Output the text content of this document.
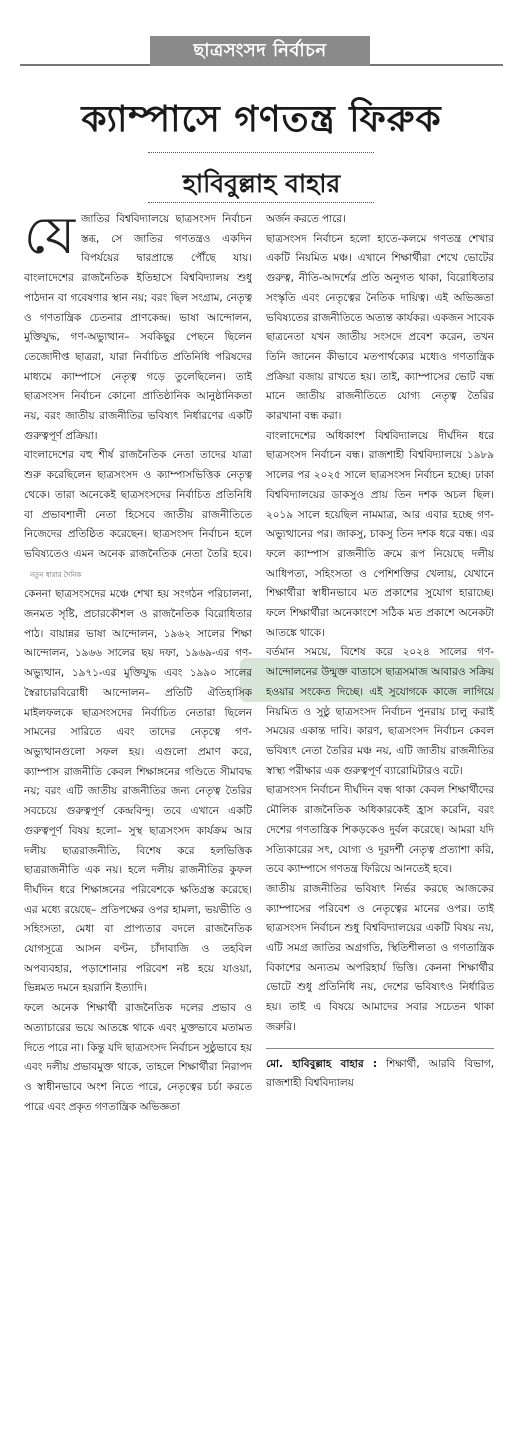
ছাত্রসংসদ নির্বাচন
ক্যাম্পাসে গণতন্ত্র ফিরুক
হাবিবুল্লাহ বাহার

যেজাতির বিশ্ববিদ্যালয়ে ছাত্রসংসদ নির্বাচন স্তব্ধ, সে জাতির গণতন্ত্রও একদিন বিপর্যয়ের দ্বারপ্রান্তে পৌঁছে যায়। বাংলাদেশের রাজনৈতিক ইতিহাসে বিশ্ববিদ্যালয় শুধু পাঠদান বা গবেষণার স্থান নয়; বরং ছিল সংগ্রাম, নেতৃত্ব ও গণতান্ত্রিক চেতনার প্রাণকেন্দ্র। ভাষা আন্দোলন, মুক্তিযুদ্ধ, গণ-অভ্যুত্থান– সবকিছুর পেছনে ছিলেন তেজোদীপ্ত ছাত্ররা, যারা নির্বাচিত প্রতিনিধি পরিষদের মাধ্যমে ক্যাম্পাসে নেতৃত্ব গড়ে তুলেছিলেন। তাই ছাত্রসংসদ নির্বাচন কোনো প্রাতিষ্ঠানিক আনুষ্ঠানিকতা নয়, বরং জাতীয় রাজনীতির ভবিষ্যৎ নির্ধারণের একটি গুরুত্বপূর্ণ প্রক্রিয়া।

বাংলাদেশের বহু শীর্ষ রাজনৈতিক নেতা তাদের যাত্রা শুরু করেছিলেন ছাত্রসংসদ ও ক্যাম্পাসভিত্তিক নেতৃত্ব থেকে। তারা অনেকেই ছাত্রসংসদের নির্বাচিত প্রতিনিধি বা প্রভাবশালী নেতা হিসেবে জাতীয় রাজনীতিতে নিজেদের প্রতিষ্ঠিত করেছেন। ছাত্রসংসদ নির্বাচন হলে ভবিষ্যতেও এমন অনেক রাজনৈতিক নেতা তৈরি হবে।নতুন ধারার দৈনিক

কেননা ছাত্রসংসদের মঞ্চে শেখা হয় সংগঠন পরিচালনা, জনমত সৃষ্টি, প্রচারকৌশল ও রাজনৈতিক বিরোধিতার পাঠ। বায়ান্নর ভাষা আন্দোলন, ১৯৬২ সালের শিক্ষা আন্দোলন, ১৯৬৬ সালের ছয় দফা, ১৯৬৯-এর গণ-অভ্যুত্থান, ১৯৭১-এর মুক্তিযুদ্ধ এবং ১৯৯০ সালের স্বৈরাচারবিরোধী আন্দোলন– প্রতিটি ঐতিহাসিক মাইলফলকে ছাত্রসংসদের নির্বাচিত নেতারা ছিলেন সামনের সারিতে এবং তাদের নেতৃত্বে গণ-অভ্যুত্থানগুলো সফল হয়। এগুলো প্রমাণ করে, ক্যাম্পাস রাজনীতি কেবল শিক্ষাঙ্গনের গণ্ডিতে সীমাবদ্ধ নয়; বরং এটি জাতীয় রাজনীতির জন্য নেতৃত্ব তৈরির সবচেয়ে গুরুত্বপূর্ণ কেন্দ্রবিন্দু। তবে এখানে একটি গুরুত্বপূর্ণ বিষয় হলো– সুস্থ ছাত্রসংসদ কার্যক্রম আর দলীয় ছাত্ররাজনীতি, বিশেষ করে হলভিত্তিক ছাত্ররাজনীতি এক নয়। হলে দলীয় রাজনীতির কুফল দীর্ঘদিন ধরে শিক্ষাঙ্গনের পরিবেশকে ক্ষতিগ্রস্ত করেছে। এর মধ্যে রয়েছে– প্রতিপক্ষের ওপর হামলা, ভয়ভীতি ও সহিংসতা, মেধা বা প্রাপ্যতার বদলে রাজনৈতিক যোগসূত্রে আসন বণ্টন, চাঁদাবাজি ও তহবিল অপব্যবহার, পড়াশোনার পরিবেশ নষ্ট হয়ে যাওয়া, ভিন্নমত দমনে হয়রানি ইত্যাদি।

ফলে অনেক শিক্ষার্থী রাজনৈতিক দলের প্রভাব ও অত্যাচারের ভয়ে আতঙ্কে থাকে এবং মুক্তভাবে মতামত দিতে পারে না। কিন্তু যদি ছাত্রসংসদ নির্বাচন সুষ্ঠুভাবে হয় এবং দলীয় প্রভাবমুক্ত থাকে, তাহলে শিক্ষার্থীরা নিরাপদ ও স্বাধীনভাবে অংশ নিতে পারে, নেতৃত্বের চর্চা করতে পারে এবং প্রকৃত গণতান্ত্রিক অভিজ্ঞতা

অর্জন করতে পারে।

ছাত্রসংসদ নির্বাচন হলো হাতে-কলমে গণতন্ত্র শেখার একটি নিয়মিত মঞ্চ। এখানে শিক্ষার্থীরা শেখে ভোটের গুরুত্ব, নীতি-আদর্শের প্রতি অনুগত থাকা, বিরোধিতার সংস্কৃতি এবং নেতৃত্বের নৈতিক দায়িত্ব। এই অভিজ্ঞতা ভবিষ্যতের রাজনীতিতে অত্যন্ত কার্যকর। একজন সাবেক ছাত্রনেতা যখন জাতীয় সংসদে প্রবেশ করেন, তখন তিনি জানেন কীভাবে মতপার্থক্যের মধ্যেও গণতান্ত্রিক প্রক্রিয়া বজায় রাখতে হয়। তাই, ক্যাম্পাসের ভোট বন্ধ মানে জাতীয় রাজনীতিতে যোগ্য নেতৃত্ব তৈরির কারখানা বন্ধ করা।

বাংলাদেশের অধিকাংশ বিশ্ববিদ্যালয়ে দীর্ঘদিন ধরে ছাত্রসংসদ নির্বাচন বন্ধ। রাজশাহী বিশ্ববিদ্যালয়ে ১৯৮৯ সালের পর ২০২৫ সালে ছাত্রসংসদ নির্বাচন হচ্ছে। ঢাকা বিশ্ববিদ্যালয়ের ডাকসুও প্রায় তিন দশক অচল ছিল। ২০১৯ সালে হয়েছিল নামমাত্র, আর এবার হচ্ছে গণ-অভ্যুত্থানের পর। জাকসু, চাকসু তিন দশক ধরে বন্ধ। এর ফলে ক্যাম্পাস রাজনীতি ক্রমে রূপ নিয়েছে দলীয় আধিপত্য, সহিংসতা ও পেশিশক্তির খেলায়, যেখানে শিক্ষার্থীরা স্বাধীনভাবে মত প্রকাশের সুযোগ হারাচ্ছে। ফলে শিক্ষার্থীরা অনেকাংশে সঠিক মত প্রকাশে অনেকটা আতঙ্কে থাকে।

বর্তমান সময়ে, বিশেষ করে ২০২৪ সালের গণ-আন্দোলনের উন্মুক্ত বাতাসে ছাত্রসমাজ আবারও সক্রিয় হওয়ার সংকেত দিচ্ছে। এই সুযোগকে কাজে লাগিয়ে নিয়মিত ও সুষ্ঠু ছাত্রসংসদ নির্বাচন পুনরায় চালু করাই সময়ের একান্ত দাবি। কারণ, ছাত্রসংসদ নির্বাচন কেবল ভবিষ্যৎ নেতা তৈরির মঞ্চ নয়, এটি জাতীয় রাজনীতির স্বাস্থ্য পরীক্ষার এক গুরুত্বপূর্ণ ব্যারোমিটারও বটে।

ছাত্রসংসদ নির্বাচন দীর্ঘদিন বন্ধ থাকা কেবল শিক্ষার্থীদের মৌলিক রাজনৈতিক অধিকারকেই হ্রাস করেনি, বরং দেশের গণতান্ত্রিক শিকড়কেও দুর্বল করেছে। আমরা যদি সত্যিকারের সৎ, যোগ্য ও দূরদর্শী নেতৃত্ব প্রত্যাশা করি, তবে ক্যাম্পাসে গণতন্ত্র ফিরিয়ে আনতেই হবে।

জাতীয় রাজনীতির ভবিষ্যৎ নির্ভর করছে আজকের ক্যাম্পাসের পরিবেশ ও নেতৃত্বের মানের ওপর। তাই ছাত্রসংসদ নির্বাচন শুধু বিশ্ববিদ্যালয়ের একটি বিষয় নয়, এটি সমগ্র জাতির অগ্রগতি, স্থিতিশীলতা ও গণতান্ত্রিক বিকাশের অন্যতম অপরিহার্য ভিত্তি। কেননা শিক্ষার্থীর ভোটে শুধু প্রতিনিধি নয়, দেশের ভবিষ্যৎও নির্ধারিত হয়। তাই এ বিষয়ে আমাদের সবার সচেতন থাকা জরুরি।

মো. হাবিবুল্লাহ বাহার : শিক্ষার্থী, আরবি বিভাগ, রাজশাহী বিশ্ববিদ্যালয়
